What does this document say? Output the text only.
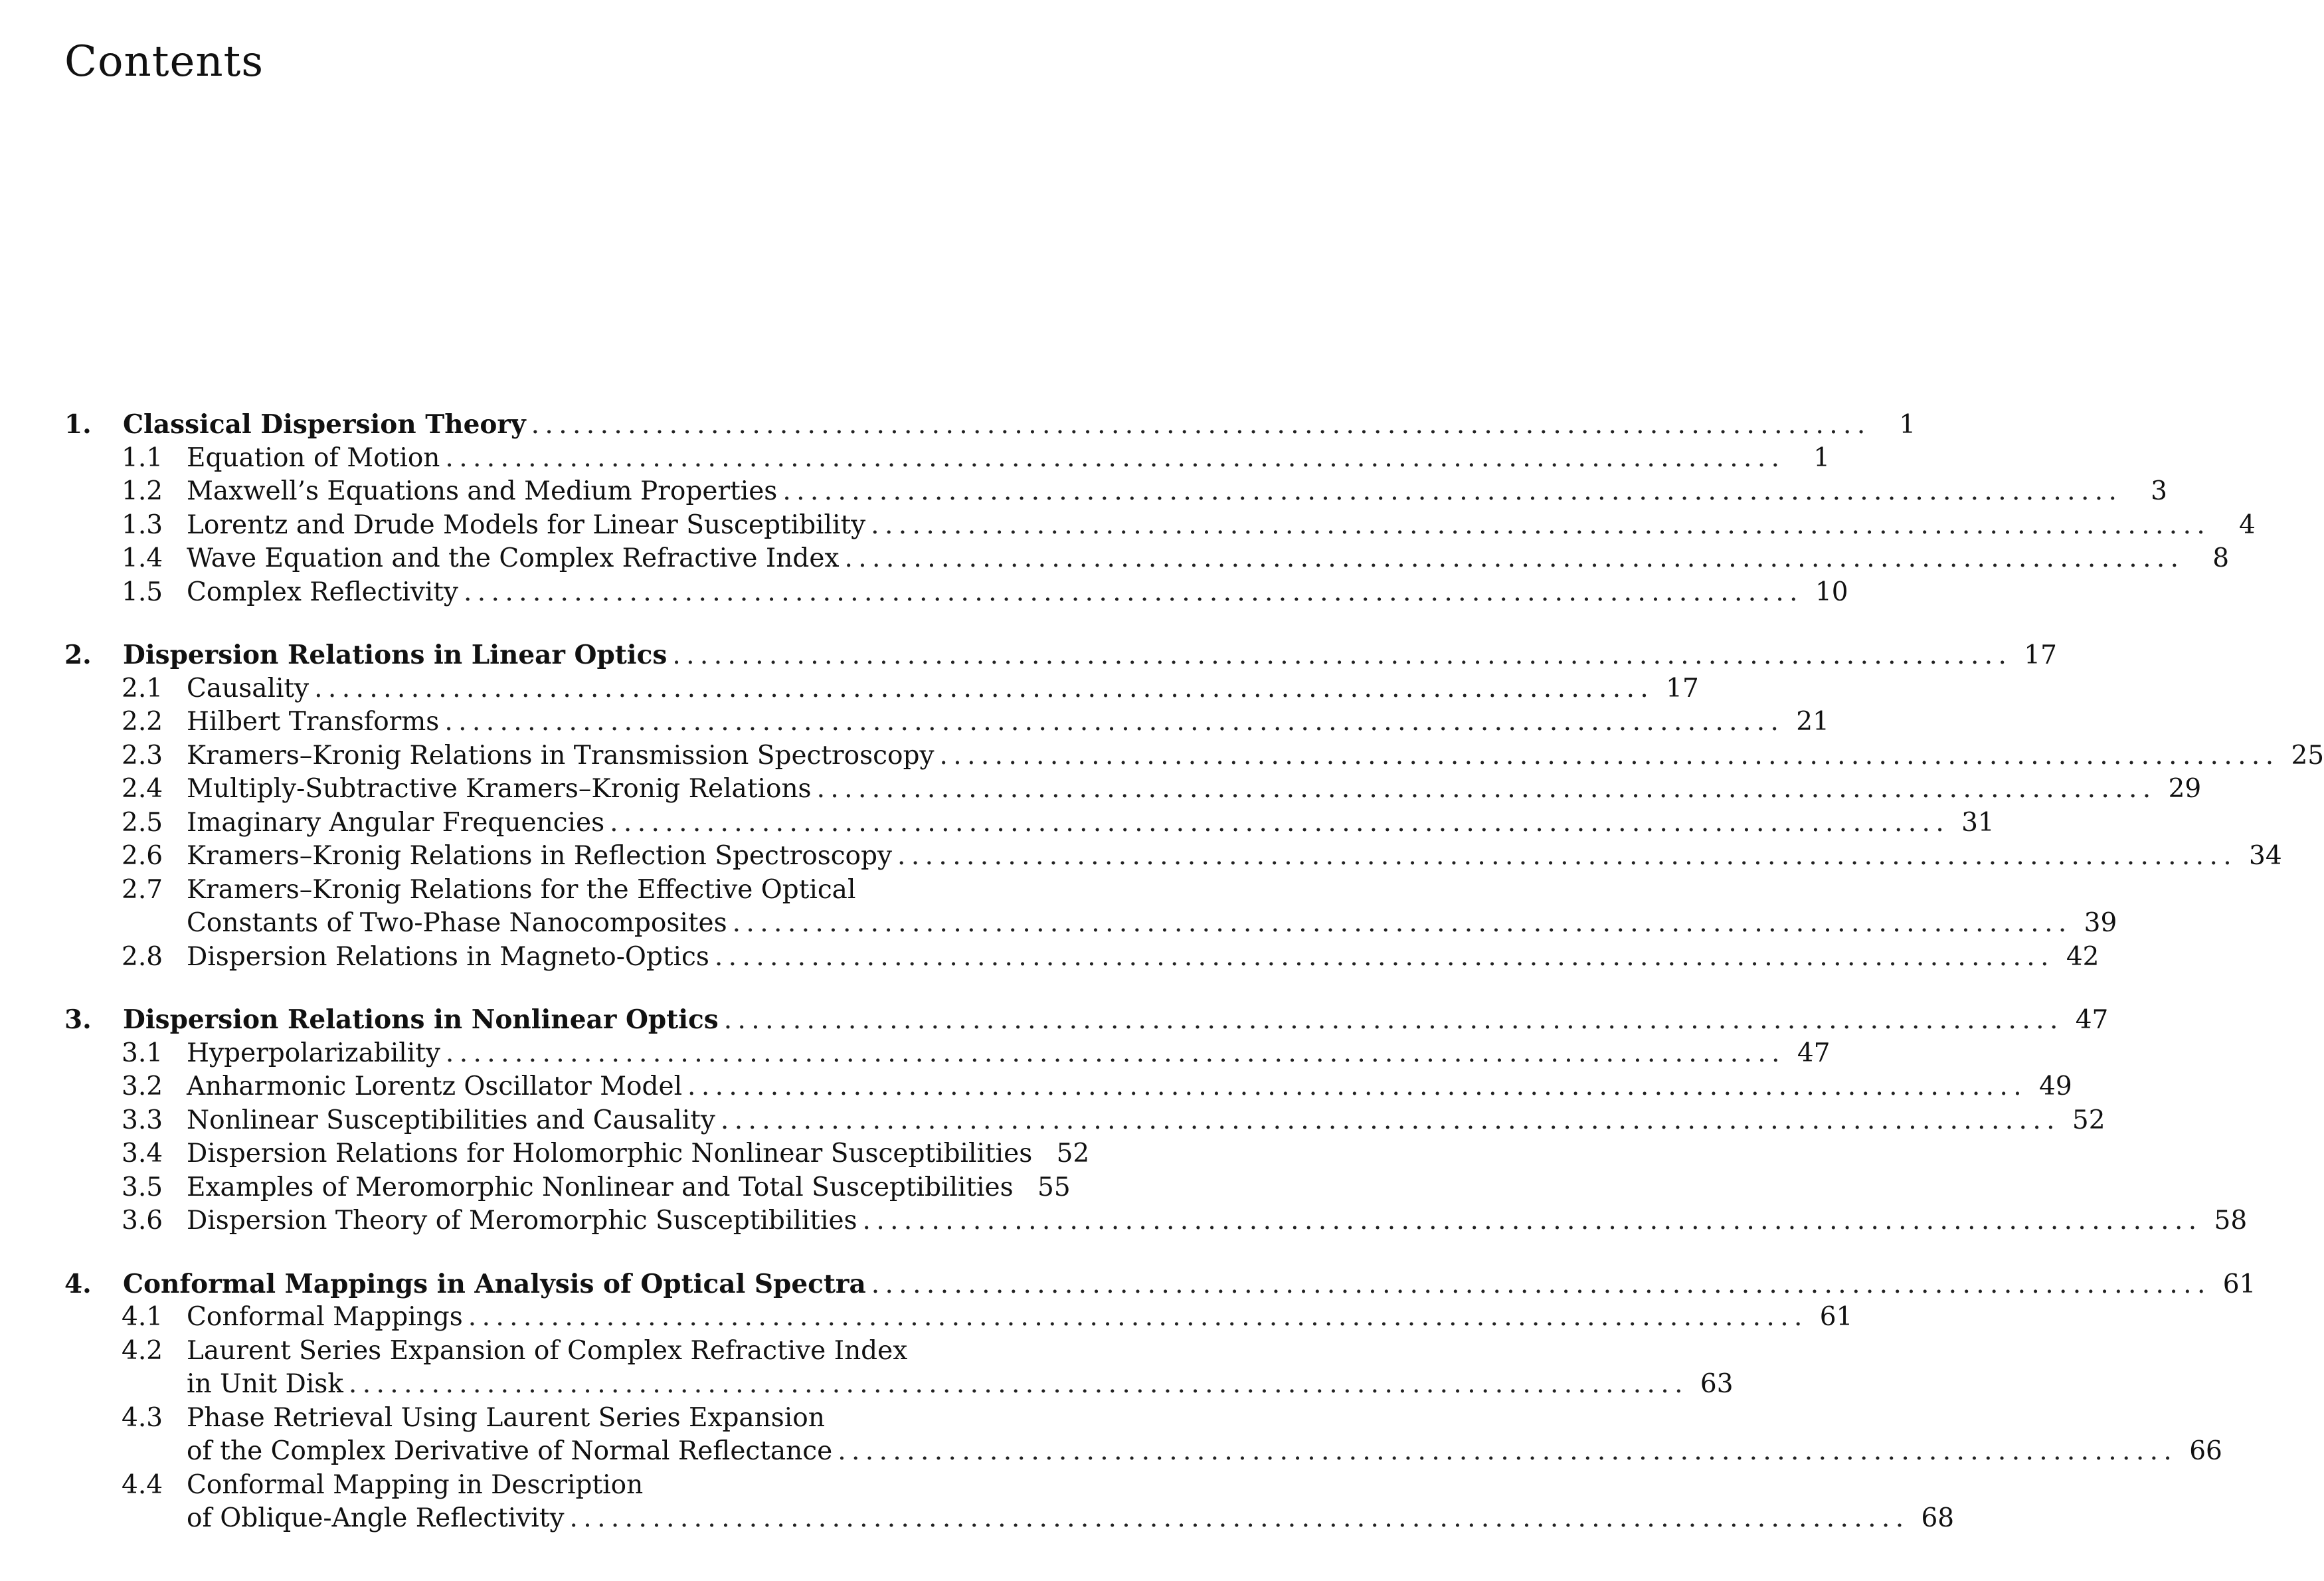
Contents
1.	Classical Dispersion Theory . . .	1
1.1 Equation of Motion . . .	1
1.2 Maxwell’s Equations and Medium Properties . . .	3
1.3 Lorentz and Drude Models for Linear Susceptibility . . .	4
1.4 Wave Equation and the Complex Refractive Index . . .	8
1.5 Complex Reflectivity . . .	10
2.	Dispersion Relations in Linear Optics . . .	17
2.1 Causality . . .	17
2.2 Hilbert Transforms . . .	21
2.3 Kramers–Kronig Relations in Transmission Spectroscopy . . .	25
2.4 Multiply-Subtractive Kramers–Kronig Relations . . .	29
2.5 Imaginary Angular Frequencies . . .	31
2.6 Kramers–Kronig Relations in Reflection Spectroscopy . . .	34
2.7 Kramers–Kronig Relations for the Effective Optical
Constants of Two-Phase Nanocomposites . . .	39
2.8 Dispersion Relations in Magneto-Optics . . .	42
3.	Dispersion Relations in Nonlinear Optics . . .	47
3.1 Hyperpolarizability . . .	47
3.2 Anharmonic Lorentz Oscillator Model . . .	49
3.3 Nonlinear Susceptibilities and Causality . . .	52
3.4 Dispersion Relations for Holomorphic Nonlinear Susceptibilities 52
3.5 Examples of Meromorphic Nonlinear and Total Susceptibilities 55
3.6 Dispersion Theory of Meromorphic Susceptibilities . . .	58
4.	Conformal Mappings in Analysis of Optical Spectra . . .	61
4.1 Conformal Mappings . . .	61
4.2 Laurent Series Expansion of Complex Refractive Index
in Unit Disk . . .	63
4.3 Phase Retrieval Using Laurent Series Expansion
of the Complex Derivative of Normal Reflectance . . .	66
4.4 Conformal Mapping in Description
of Oblique-Angle Reflectivity . . .	68
